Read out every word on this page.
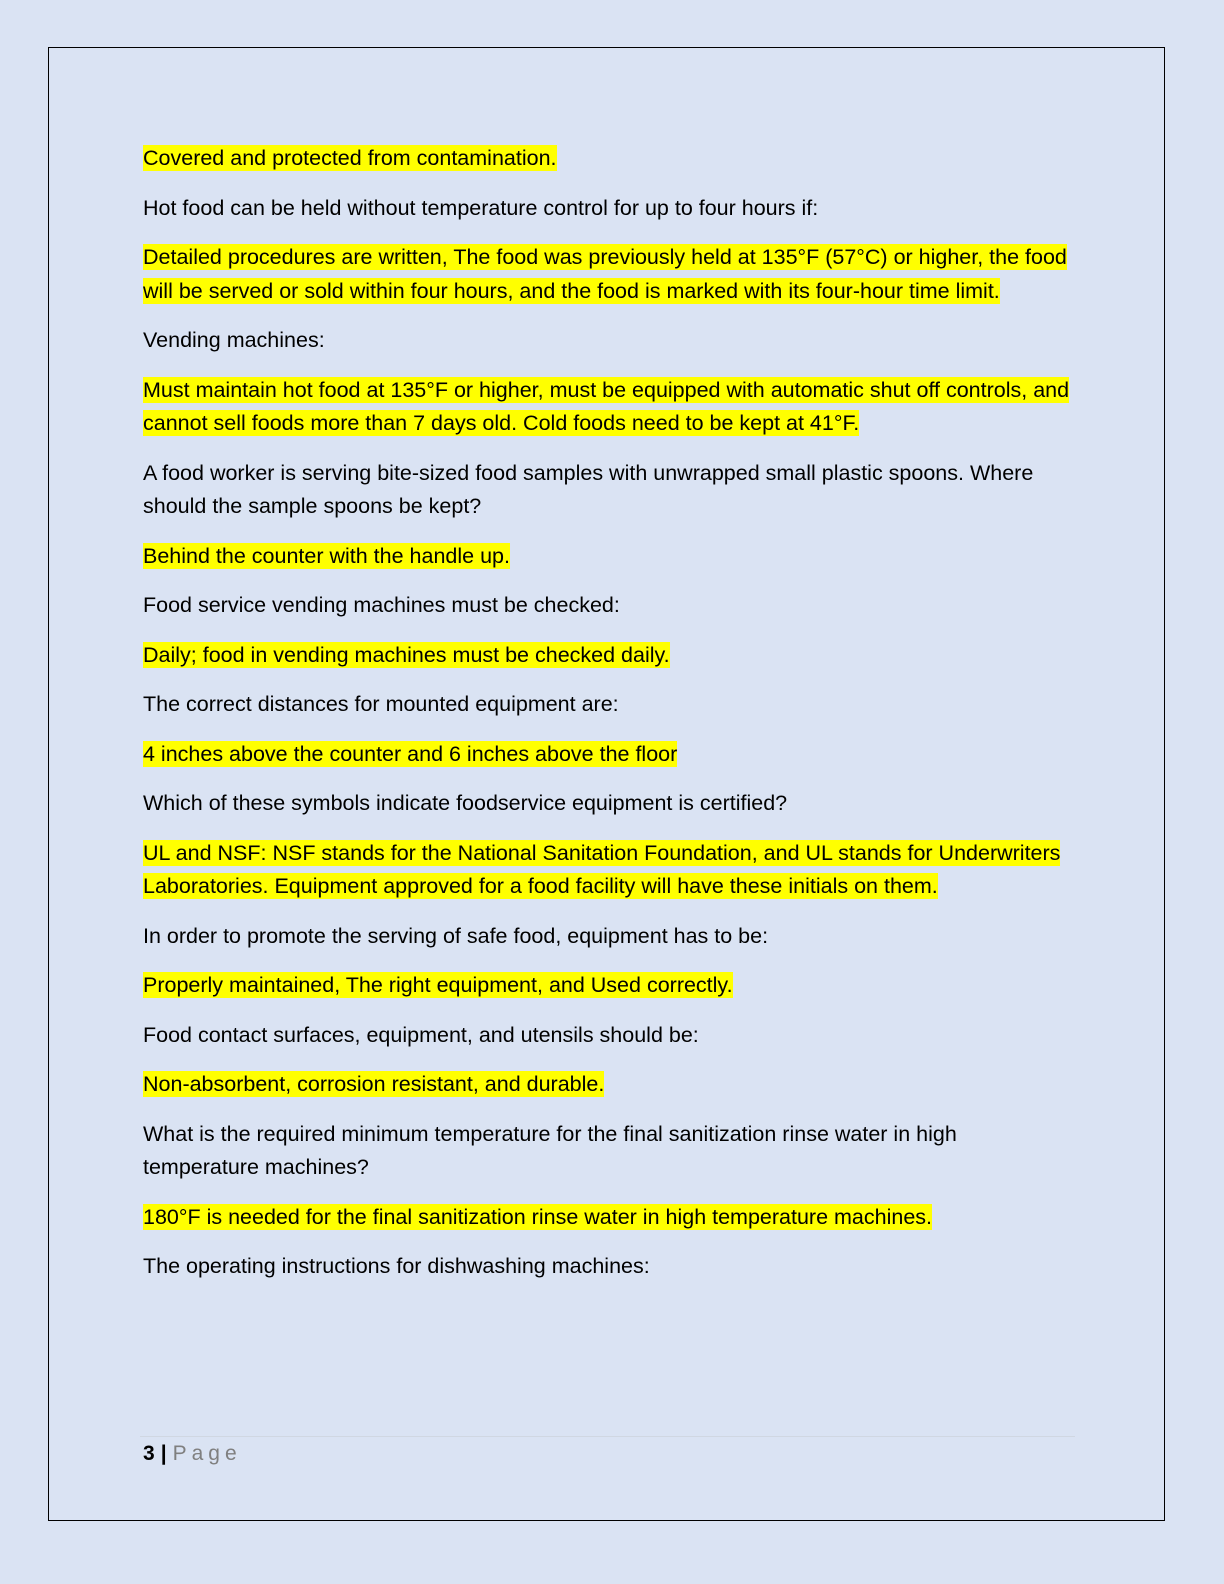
Covered and protected from contamination.

Hot food can be held without temperature control for up to four hours if:

Detailed procedures are written, The food was previously held at 135°F (57°C) or higher, the food will be served or sold within four hours, and the food is marked with its four-hour time limit.

Vending machines:

Must maintain hot food at 135°F or higher, must be equipped with automatic shut off controls, and cannot sell foods more than 7 days old. Cold foods need to be kept at 41°F.

A food worker is serving bite-sized food samples with unwrapped small plastic spoons. Where should the sample spoons be kept?

Behind the counter with the handle up.

Food service vending machines must be checked:

Daily; food in vending machines must be checked daily.

The correct distances for mounted equipment are:

4 inches above the counter and 6 inches above the floor

Which of these symbols indicate foodservice equipment is certified?

UL and NSF: NSF stands for the National Sanitation Foundation, and UL stands for Underwriters Laboratories. Equipment approved for a food facility will have these initials on them.

In order to promote the serving of safe food, equipment has to be:

Properly maintained, The right equipment, and Used correctly.

Food contact surfaces, equipment, and utensils should be:

Non-absorbent, corrosion resistant, and durable.

What is the required minimum temperature for the final sanitization rinse water in high temperature machines?

180°F is needed for the final sanitization rinse water in high temperature machines.

The operating instructions for dishwashing machines:

3 | Page
